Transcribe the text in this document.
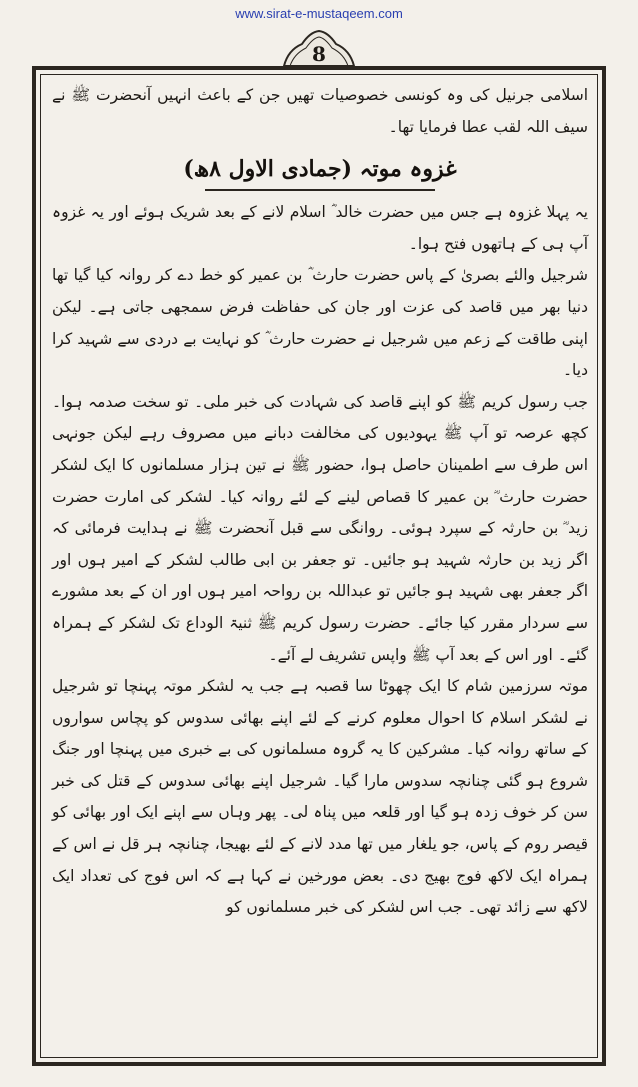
www.sirat-e-mustaqeem.com
8

اسلامی جرنیل کی وہ کونسی خصوصیات تھیں جن کے باعث انہیں آنحضرت ﷺ نے سیف اللہ لقب عطا فرمایا تھا۔

غزوہ موتہ (جمادی الاول ۸ھ)

یہ پہلا غزوہ ہے جس میں حضرت خالد ؓ اسلام لانے کے بعد شریک ہوئے اور یہ غزوہ آپ ہی کے ہاتھوں فتح ہوا۔

شرجیل والئے بصریٰ کے پاس حضرت حارث ؓ بن عمیر کو خط دے کر روانہ کیا گیا تھا دنیا بھر میں قاصد کی عزت اور جان کی حفاظت فرض سمجھی جاتی ہے۔ لیکن اپنی طاقت کے زعم میں شرجیل نے حضرت حارث ؓ کو نہایت بے دردی سے شہید کرا دیا۔

جب رسول کریم ﷺ کو اپنے قاصد کی شہادت کی خبر ملی۔ تو سخت صدمہ ہوا۔ کچھ عرصہ تو آپ ﷺ یہودیوں کی مخالفت دبانے میں مصروف رہے لیکن جونہی اس طرف سے اطمینان حاصل ہوا، حضور ﷺ نے تین ہزار مسلمانوں کا ایک لشکر حضرت حارث ؓ بن عمیر کا قصاص لینے کے لئے روانہ کیا۔ لشکر کی امارت حضرت زید ؓ بن حارثہ کے سپرد ہوئی۔ روانگی سے قبل آنحضرت ﷺ نے ہدایت فرمائی کہ اگر زید بن حارثہ شہید ہو جائیں۔ تو جعفر بن ابی طالب لشکر کے امیر ہوں اور اگر جعفر بھی شہید ہو جائیں تو عبداللہ بن رواحہ امیر ہوں اور ان کے بعد مشورے سے سردار مقرر کیا جائے۔ حضرت رسول کریم ﷺ ثنیۃ الوداع تک لشکر کے ہمراہ گئے۔ اور اس کے بعد آپ ﷺ واپس تشریف لے آئے۔

موتہ سرزمین شام کا ایک چھوٹا سا قصبہ ہے جب یہ لشکر موتہ پہنچا تو شرجیل نے لشکر اسلام کا احوال معلوم کرنے کے لئے اپنے بھائی سدوس کو پچاس سواروں کے ساتھ روانہ کیا۔ مشرکین کا یہ گروہ مسلمانوں کی بے خبری میں پہنچا اور جنگ شروع ہو گئی چنانچہ سدوس مارا گیا۔ شرجیل اپنے بھائی سدوس کے قتل کی خبر سن کر خوف زدہ ہو گیا اور قلعہ میں پناہ لی۔ پھر وہاں سے اپنے ایک اور بھائی کو قیصر روم کے پاس، جو یلغار میں تھا مدد لانے کے لئے بھیجا، چنانچہ ہر قل نے اس کے ہمراہ ایک لاکھ فوج بھیج دی۔ بعض مورخین نے کہا ہے کہ اس فوج کی تعداد ایک لاکھ سے زائد تھی۔ جب اس لشکر کی خبر مسلمانوں کو
